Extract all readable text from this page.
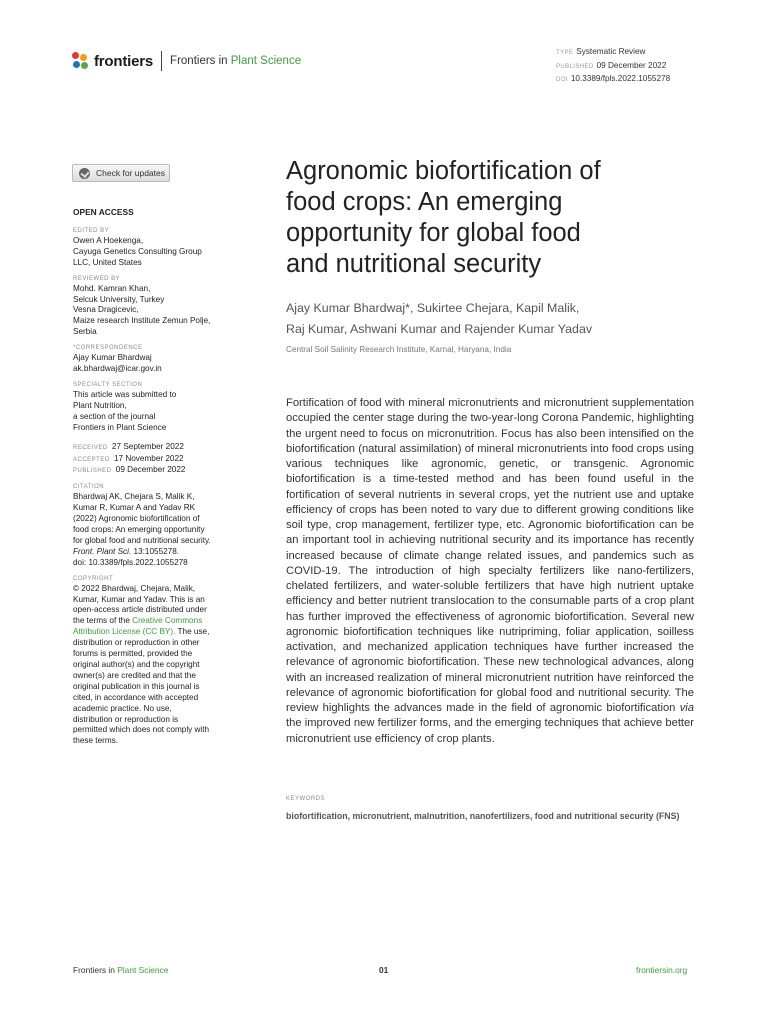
frontiers Frontiers in Plant Science
TYPE Systematic Review
PUBLISHED 09 December 2022
DOI 10.3389/fpls.2022.1055278
Check for updates
OPEN ACCESS
EDITED BY
Owen A Hoekenga,
Cayuga Genetics Consulting Group
LLC, United States
REVIEWED BY
Mohd. Kamran Khan,
Selcuk University, Turkey
Vesna Dragicevic,
Maize research Institute Zemun Polje,
Serbia
*CORRESPONDENCE
Ajay Kumar Bhardwaj
ak.bhardwaj@icar.gov.in
SPECIALTY SECTION
This article was submitted to
Plant Nutrition,
a section of the journal
Frontiers in Plant Science
RECEIVED 27 September 2022
ACCEPTED 17 November 2022
PUBLISHED 09 December 2022
CITATION
Bhardwaj AK, Chejara S, Malik K,
Kumar R, Kumar A and Yadav RK
(2022) Agronomic biofortification of
food crops: An emerging opportunity
for global food and nutritional security.
Front. Plant Sci. 13:1055278.
doi: 10.3389/fpls.2022.1055278
COPYRIGHT
© 2022 Bhardwaj, Chejara, Malik,
Kumar, Kumar and Yadav. This is an
open-access article distributed under
the terms of the Creative Commons
Attribution License (CC BY). The use,
distribution or reproduction in other
forums is permitted, provided the
original author(s) and the copyright
owner(s) are credited and that the
original publication in this journal is
cited, in accordance with accepted
academic practice. No use,
distribution or reproduction is
permitted which does not comply with
these terms.
Agronomic biofortification of
food crops: An emerging
opportunity for global food
and nutritional security
Ajay Kumar Bhardwaj*, Sukirtee Chejara, Kapil Malik,
Raj Kumar, Ashwani Kumar and Rajender Kumar Yadav
Central Soil Salinity Research Institute, Karnal, Haryana, India
Fortification of food with mineral micronutrients and micronutrient supplementation occupied the center stage during the two-year-long Corona Pandemic, highlighting the urgent need to focus on micronutrition. Focus has also been intensified on the biofortification (natural assimilation) of mineral micronutrients into food crops using various techniques like agronomic, genetic, or transgenic. Agronomic biofortification is a time-tested method and has been found useful in the fortification of several nutrients in several crops, yet the nutrient use and uptake efficiency of crops has been noted to vary due to different growing conditions like soil type, crop management, fertilizer type, etc. Agronomic biofortification can be an important tool in achieving nutritional security and its importance has recently increased because of climate change related issues, and pandemics such as COVID-19. The introduction of high specialty fertilizers like nano-fertilizers, chelated fertilizers, and water-soluble fertilizers that have high nutrient uptake efficiency and better nutrient translocation to the consumable parts of a crop plant has further improved the effectiveness of agronomic biofortification. Several new agronomic biofortification techniques like nutripriming, foliar application, soilless activation, and mechanized application techniques have further increased the relevance of agronomic biofortification. These new technological advances, along with an increased realization of mineral micronutrient nutrition have reinforced the relevance of agronomic biofortification for global food and nutritional security. The review highlights the advances made in the field of agronomic biofortification via the improved new fertilizer forms, and the emerging techniques that achieve better micronutrient use efficiency of crop plants.
KEYWORDS
biofortification, micronutrient, malnutrition, nanofertilizers, food and nutritional security (FNS)
Frontiers in Plant Science	01	frontiersin.org
